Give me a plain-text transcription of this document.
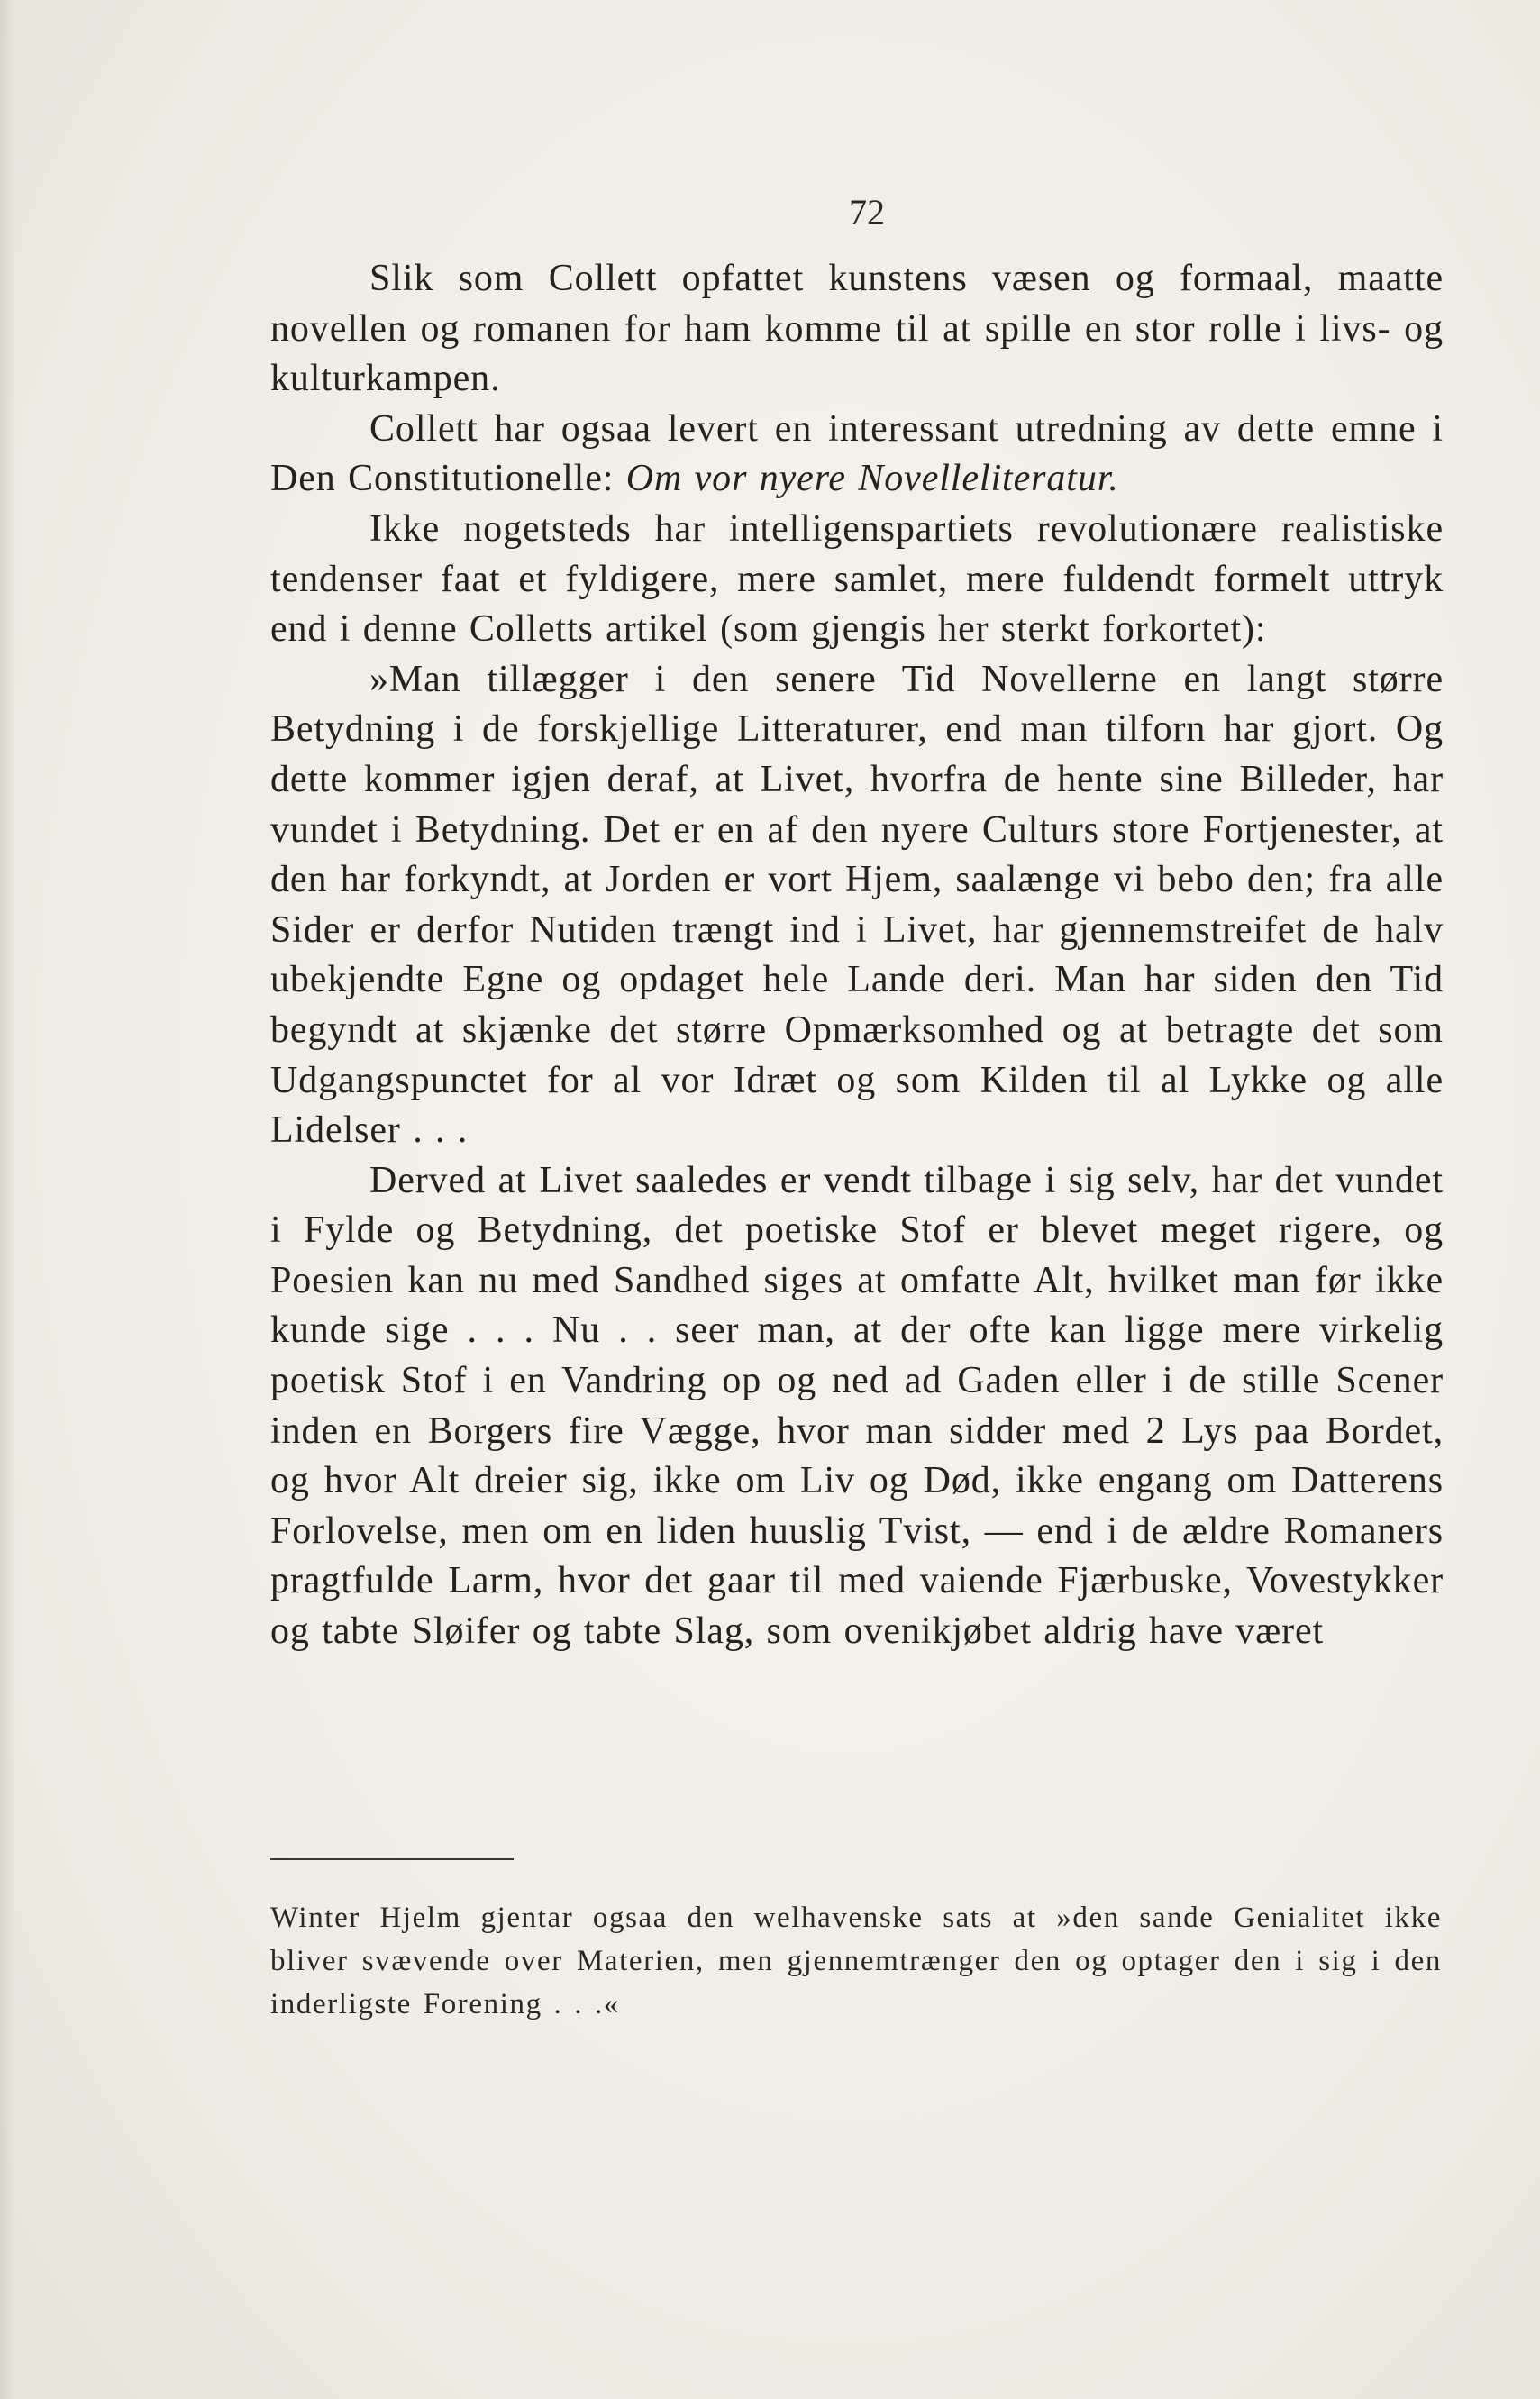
72

Slik som Collett opfattet kunstens væsen og formaal, maatte novellen og romanen for ham komme til at spille en stor rolle i livs- og kulturkampen.

Collett har ogsaa levert en interessant utredning av dette emne i Den Constitutionelle: Om vor nyere Novelleliteratur.

Ikke nogetsteds har intelligenspartiets revolutionære realistiske tendenser faat et fyldigere, mere samlet, mere fuldendt formelt uttryk end i denne Colletts artikel (som gjengis her sterkt forkortet):

»Man tillægger i den senere Tid Novellerne en langt større Betydning i de forskjellige Litteraturer, end man tilforn har gjort. Og dette kommer igjen deraf, at Livet, hvorfra de hente sine Billeder, har vundet i Betydning. Det er en af den nyere Culturs store Fortjenester, at den har forkyndt, at Jorden er vort Hjem, saalænge vi bebo den; fra alle Sider er derfor Nutiden trængt ind i Livet, har gjennemstreifet de halv ubekjendte Egne og opdaget hele Lande deri. Man har siden den Tid begyndt at skjænke det større Opmærksomhed og at betragte det som Udgangspunctet for al vor Idræt og som Kilden til al Lykke og alle Lidelser . . .

Derved at Livet saaledes er vendt tilbage i sig selv, har det vundet i Fylde og Betydning, det poetiske Stof er blevet meget rigere, og Poesien kan nu med Sandhed siges at omfatte Alt, hvilket man før ikke kunde sige . . . Nu . . seer man, at der ofte kan ligge mere virkelig poetisk Stof i en Vandring op og ned ad Gaden eller i de stille Scener inden en Borgers fire Vægge, hvor man sidder med 2 Lys paa Bordet, og hvor Alt dreier sig, ikke om Liv og Død, ikke engang om Datterens Forlovelse, men om en liden huuslig Tvist, — end i de ældre Romaners pragtfulde Larm, hvor det gaar til med vaiende Fjærbuske, Vovestykker og tabte Sløifer og tabte Slag, som ovenikjøbet aldrig have været

Winter Hjelm gjentar ogsaa den welhavenske sats at »den sande Genialitet ikke bliver svævende over Materien, men gjennemtrænger den og optager den i sig i den inderligste Forening . . .«
